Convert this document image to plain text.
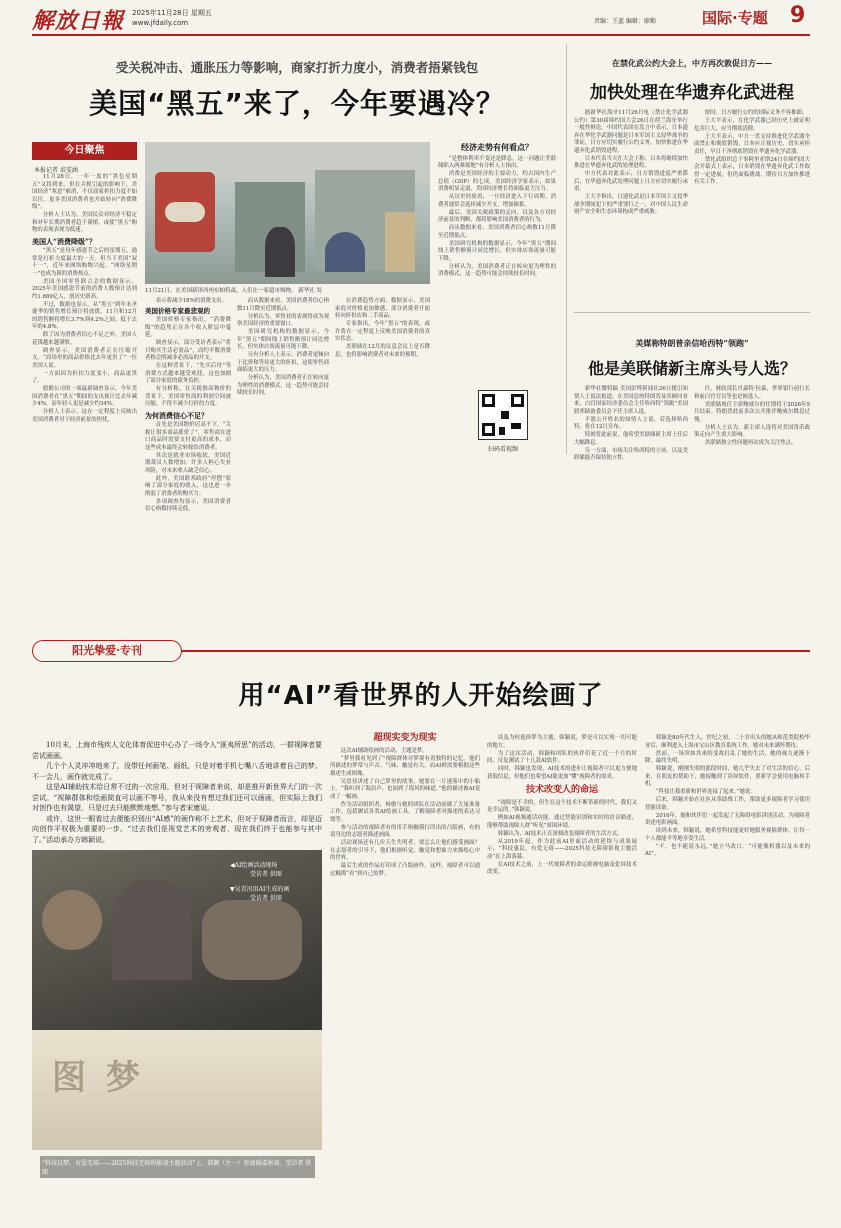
解放日報 2025年11月28日 星期五
www.jfdaily.com	责编：王蓝 编辑：廖勤	国际·专题 9
受关税冲击、通胀压力等影响，商家打折力度小，消费者捂紧钱包
美国“黑五”来了，今年要遇冷？
今日聚焦
本报记者 裘雯涵

11月28日，一年一度的“黑色星期五”又将到来。但在关税引起的影响下，美国经济“寒意”难消，不仅商家折扣力度不如以往，更多美国消费者也开始转向“消费降级”。

分析人士认为，美国民众对经济不稳定和对年长期消费者趋于谨慎，或使“黑五”购物的表现表现为低迷。

美国人“消费降级”？

“黑五”是每年感恩节之后的星期五，通常是打折力度最大的一天。但当下美国“双十一”，近年来网络购物兴起，“网络星期一”也成为新的消费热点。

美国全国零售联合会的数据显示，2025年美国感恩节前的消费人数预计达到约1.869亿人，创历史新高。

不过，数据也显示，从“黑五”到年末圣诞季的销售增长预计将放缓，11月和12月的销售额将增长3.7%到4.2%之间。低于去年的4.8%。

除了因为消费者信心不足之外，美国人花钱越来越谨慎。

调查显示，美国消费者正在压缩开支。“商场里的商品价格比去年更贵了”一位美国人说。

一方面因为折扣力度变小，商品更贵了。

德勤公司的一项最新调查显示，今年美国消费者在“黑五”期间的支出预计比去年减少4%，而年轻人更是减少约34%。

分析人士表示，这在一定程度上反映出美国消费者对于经济前景的担忧。

11月21日，在美国新泽西州东帕特森，人们在一家超市购物。 新华社 发

表示将减少18%的消费支出。

美国价格专家最悲观的

美国价格专家指出，“消费降级”的趋势正在各个收入阶层中蔓延。

调查显示，部分受访者表示“将只购买生活必需品”，而约半数消费者称会削减非必需品的开支。

在这种背景下，“先买后付”等消费方式越来越受欢迎，这也加剧了部分家庭的债务负担。

有分析称，在关税推高物价的背景下，美国零售商的利润空间被压缩，不得不减少打折的力度。

为何消费信心不足？

首先是美国物价居高不下。“关税让很多商品涨价了”，零售商在进口商品时需要支付更高的成本，而这些成本最终会转嫁给消费者。

其次是就业市场疲软。美国近期裁员人数增加，许多人担心失业风险，对未来收入缺乏信心。

此外，美国联邦政府“停摆”影响了部分家庭的收入，这也进一步削弱了消费者的购买力。

多项调查均显示，美国消费者信心指数持续走低。

而从数据来看，美国消费者信心指数11月降至近期低点。

分析认为，零售业的表现将成为观察美国经济的重要窗口。

美国研究机构的数据显示，今年“黑五”期间线上销售额预计同比增长，但实体店客流量可能下降。

另有分析人士表示，消费者更倾向于比价和等待更大的折扣，这使零售商面临更大的压力。

分析认为，美国消费者正在转向更为理性的消费模式，这一趋势可能会持续较长时间。

在消费趋势方面，数据显示，美国家庭对价格更加敏感，部分消费者开始转向折扣店和二手商品。

专家指出，今年“黑五”的表现，或许将在一定程度上反映美国消费者的真实状态。

美联储在12月的议息会议上是否降息，也将影响消费者对未来的预期。

经济走势有何看点？

“是整体利率不变还是降息，这一问题让美联储陷入两难境地”有分析人士指出。

消费是美国经济的主要动力，约占国内生产总值（GDP）的七成。美国经济学家表示，如果消费明显走弱，美国经济增长将面临更大压力。

从历史经验看，一旦经济进入下行周期，消费者通常会选择减少开支，增加储蓄。

最后，美国关税政策的走向，以及各方对经济前景的判断，都将影响美国消费者的行为。

而从数据来看，美国消费者信心指数11月降至近期低点。

美国研究机构的数据显示，今年“黑五”期间线上销售额预计同比增长，但实体店客流量可能下降。

分析认为，美国消费者正在转向更为理性的消费模式，这一趋势可能会持续较长时间。

扫码看视频
在禁化武公约大会上，中方再次敦促日方——
加快处理在华遗弃化武进程

据新华社海牙11月26日电（禁止化学武器公约）第30届缔约国大会26日在荷兰海牙举行一般性辩论。中国代表团在发言中表示，日本遗弃在华化学武器问题是日本军国主义侵华战争的罪证，日方应切实履行公约义务，加快推进在华遗弃化武销毁进程。

日本代表当天在大会上称，日本将继续加快推进在华遗弃化武的处理进程。

中方代表对此表示，日方销毁进度严重滞后，在华遗弃化武处理问题上日方应切实履行承诺。

王大平指出，日遗化武是日本军国主义侵华战争期间犯下的严重罪行之一，对中国人民生命财产安全和生态环境构成严重威胁。

按时、日方履行公约的国际义务不容推卸。

王大平表示，在化学武器已经历史上被证明危害巨大，应当彻底清除。

王大平表示，中方一贯支持推进化学武器全面禁止和彻底销毁，日本应正视历史，切实承担责任，早日干净彻底销毁在华遗弃化学武器。

禁化武组织总干事阿里亚斯24日在缔约国大会开幕式上表示，日本销毁在华遗弃化武工作取得一定进展，但仍面临挑战，期待日方加快推进有关工作。

美媒称特朗普亲信哈西特“领跑”
他是美联储新主席头号人选？

新华社微特稿 美国彭博新闻社26日援引知情人士说法报道，在美国总统特朗普及其顾问看来，白宫国家经济委员会主任哈西特“领跑”美国联邦储备委员会下任主席人选。

不愿公开姓名的知情人士说，若选择哈西特，将在12月宣布。

特朗普此前说，他希望美联储新主席上任后大幅降息。

另一方面，市场关注哈西特的立场，以及美联储能否保持独立性。

什，财政部长贝森特·拉森，世界银行前行长和前白宫官员等也是候选人。

美联储现任主席鲍威尔的任期将于2026年5月结束。特朗普此前多次公开批评鲍威尔降息过慢。

分析人士认为，新主席人选将对美国货币政策走向产生重大影响。

美联储独立性问题再次成为关注焦点。

阳光挚爱·专刊
用“AI”看世界的人开始绘画了

10月末，上海市残疾人文化体育促进中心办了一场令人“匪夷所思”的活动，一群视障者要尝试画画。

几个个人灵冲冲地来了，没带任何画笔、画纸，只是对着手机七嘴八舌地讲着自己的梦。不一会儿，画作就完成了。

这是AI辅助技术给日常不过的一次应用，但对于视障者来说，却是推开新世界大门的一次尝试。“视障群体和绘画简直可以画不等号，我从来没有想过我们还可以画画，但实际上我们对创作也有渴望，只是过去只能默默地想。”参与者宋康说。

或许，这世一眼看过去便能识别出“AI感”的画作称不上艺术，但对于视障者而言，却是迈向创作平权极为重要的一步。“过去我们是视觉艺术的旁观者，现在我们终于也能参与其中了。”活动承办方韩颖说。

图 梦
◀AI绘画活动现场
受访者 供图
▼吴青汛用AI生成的画
受访者 供图
“科技以梦，有爱无碍——2025科技无障碍影视主题活动”上，韩颖（左一）参加圆桌座谈。受访者 供图
超现实变为现实

这次AI辅助绘画的活动，主题是梦。

“梦里我看见到了”视障群体对梦境有着独特的记忆。他们所描述的梦常与声音、气味、触觉有关，而AI则需要根据这些描述生成图像。

吴思佳讲述了自己梦里的故事，她要在一片迷雾中的小船上。“我听到了海浪声，也闻到了海风的味道。”他的描述被AI变成了一幅画。

作为活动组织者，杨敏与她的团队在活动前做了大量准备工作，包括测试各类AI绘画工具，了解视障者对描述的表达习惯等。

参与活动的视障者有的用手指触摸打印出的凸版画，有的请身边的志愿者描述画面。

活动现场还有几位天生失明者，要怎么让他们感受画面？在志愿者的引导下，他们根据听觉、触觉和想象力来描绘心中的世界。

最后生成的作品打印成了凸版画作，这样，视障者可以通过触摸“看”到自己的梦。

谈及为何选择梦为主题，韩颖说，梦是可以实现一切可能的地方。

为了这次活动，韩颖和团队的伙伴们花了近一个月的时间，反复测试了十几款AI软件。

同时，韩颖也发现，AI技术的进步让视障者可以更方便地获取信息，但他们也希望AI能更加“懂”视障者的需求。

技术改变人的命运

“视障是不幸的，但生在这个技术不断革新的时代，我们又是幸运的。”韩颖说。

例如AI视频通话功能，通过智能识别和实时的语音描述，能够帮助视障人群“听见”周围环境。

韩颖认为，AI技术正在深刻改变视障者的生活方式。

从2019年起，作为此前AI里面活动的延续与成果展示，“科技惠民，有爱无碍——2025科技无障碍影视主题活动”在上海落幕。

在AI技术之前，上一代视障者的命运则被电脑及张屏技术改变。

韩颖是80年代生人，世纪之初，二十岁出头的她从师范类院校毕业后，顺利进入上海市宝山区教育系统工作。她对未来满怀期待。

然而，一场突如其来的变故打乱了她的生活，她的视力逐渐下降，最终失明。

韩颖说，刚刚失明的那段时间，她几乎失去了对生活的信心。后来，在朋友的帮助下，她接触到了读屏软件，重新学会使用电脑和手机。

“科技让我重新和世界连接了起来。”她说。

后来，韩颖开始在社区从事助残工作，帮助更多视障者学习使用智能设备。

2016年，她和伙伴们一起发起了无障碍电影讲述活动，为视障者讲述电影画面。

谈到未来，韩颖说，她希望科技能更好地服务视障群体，让每一个人都能平等地享受生活。

“不，也不能说永远。”她立马改口。“可能像机器以及未来的AI”。
